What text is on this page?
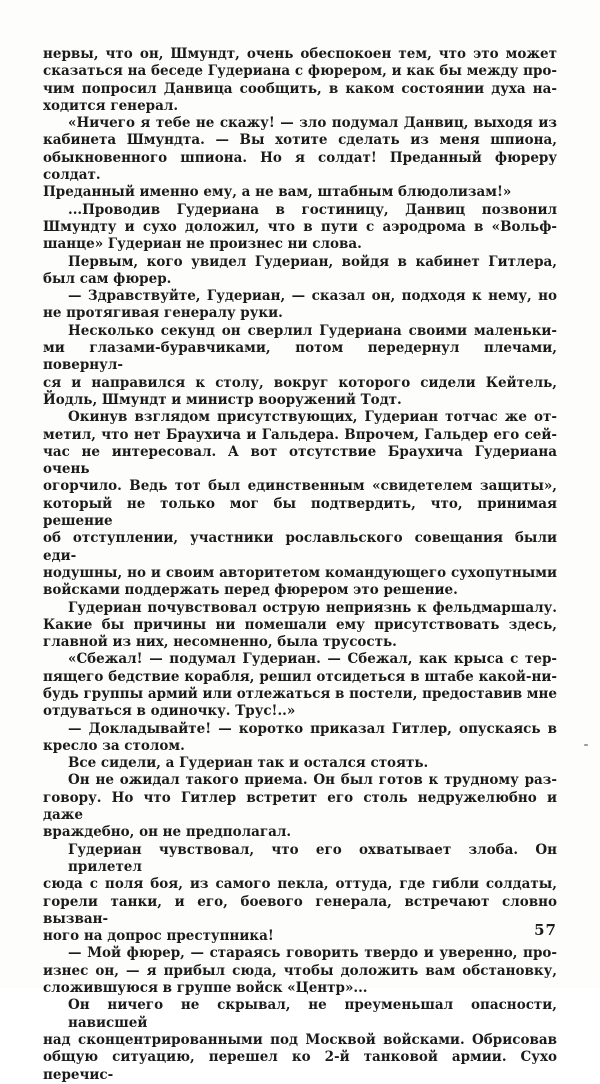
нервы, что он, Шмундт, очень обеспокоен тем, что это может
сказаться на беседе Гудериана с фюрером, и как бы между про-
чим попросил Данвица сообщить, в каком состоянии духа на-
ходится генерал.
«Ничего я тебе не скажу! — зло подумал Данвиц, выходя из
кабинета Шмундта. — Вы хотите сделать из меня шпиона,
обыкновенного шпиона. Но я солдат! Преданный фюреру солдат.
Преданный именно ему, а не вам, штабным блюдолизам!»
...Проводив Гудериана в гостиницу, Данвиц позвонил
Шмундту и сухо доложил, что в пути с аэродрома в «Вольф-
шанце» Гудериан не произнес ни слова.
Первым, кого увидел Гудериан, войдя в кабинет Гитлера,
был сам фюрер.
— Здравствуйте, Гудериан, — сказал он, подходя к нему, но
не протягивая генералу руки.
Несколько секунд он сверлил Гудериана своими маленьки-
ми глазами-буравчиками, потом передернул плечами, повернул-
ся и направился к столу, вокруг которого сидели Кейтель,
Йодль, Шмундт и министр вооружений Тодт.
Окинув взглядом присутствующих, Гудериан тотчас же от-
метил, что нет Браухича и Гальдера. Впрочем, Гальдер его сей-
час не интересовал. А вот отсутствие Браухича Гудериана очень
огорчило. Ведь тот был единственным «свидетелем защиты»,
который не только мог бы подтвердить, что, принимая решение
об отступлении, участники рославльского совещания были еди-
нодушны, но и своим авторитетом командующего сухопутными
войсками поддержать перед фюрером это решение.
Гудериан почувствовал острую неприязнь к фельдмаршалу.
Какие бы причины ни помешали ему присутствовать здесь,
главной из них, несомненно, была трусость.
«Сбежал! — подумал Гудериан. — Сбежал, как крыса с тер-
пящего бедствие корабля, решил отсидеться в штабе какой-ни-
будь группы армий или отлежаться в постели, предоставив мне
отдуваться в одиночку. Трус!..»
— Докладывайте! — коротко приказал Гитлер, опускаясь в
кресло за столом.
Все сидели, а Гудериан так и остался стоять.
Он не ожидал такого приема. Он был готов к трудному раз-
говору. Но что Гитлер встретит его столь недружелюбно и даже
враждебно, он не предполагал.
Гудериан чувствовал, что его охватывает злоба. Он прилетел
сюда с поля боя, из самого пекла, оттуда, где гибли солдаты,
горели танки, и его, боевого генерала, встречают словно вызван-
ного на допрос преступника!
— Мой фюрер, — стараясь говорить твердо и уверенно, про-
изнес он, — я прибыл сюда, чтобы доложить вам обстановку,
сложившуюся в группе войск «Центр»...
Он ничего не скрывал, не преуменьшал опасности, нависшей
над сконцентрированными под Москвой войсками. Обрисовав
общую ситуацию, перешел ко 2-й танковой армии. Сухо перечис-
57
